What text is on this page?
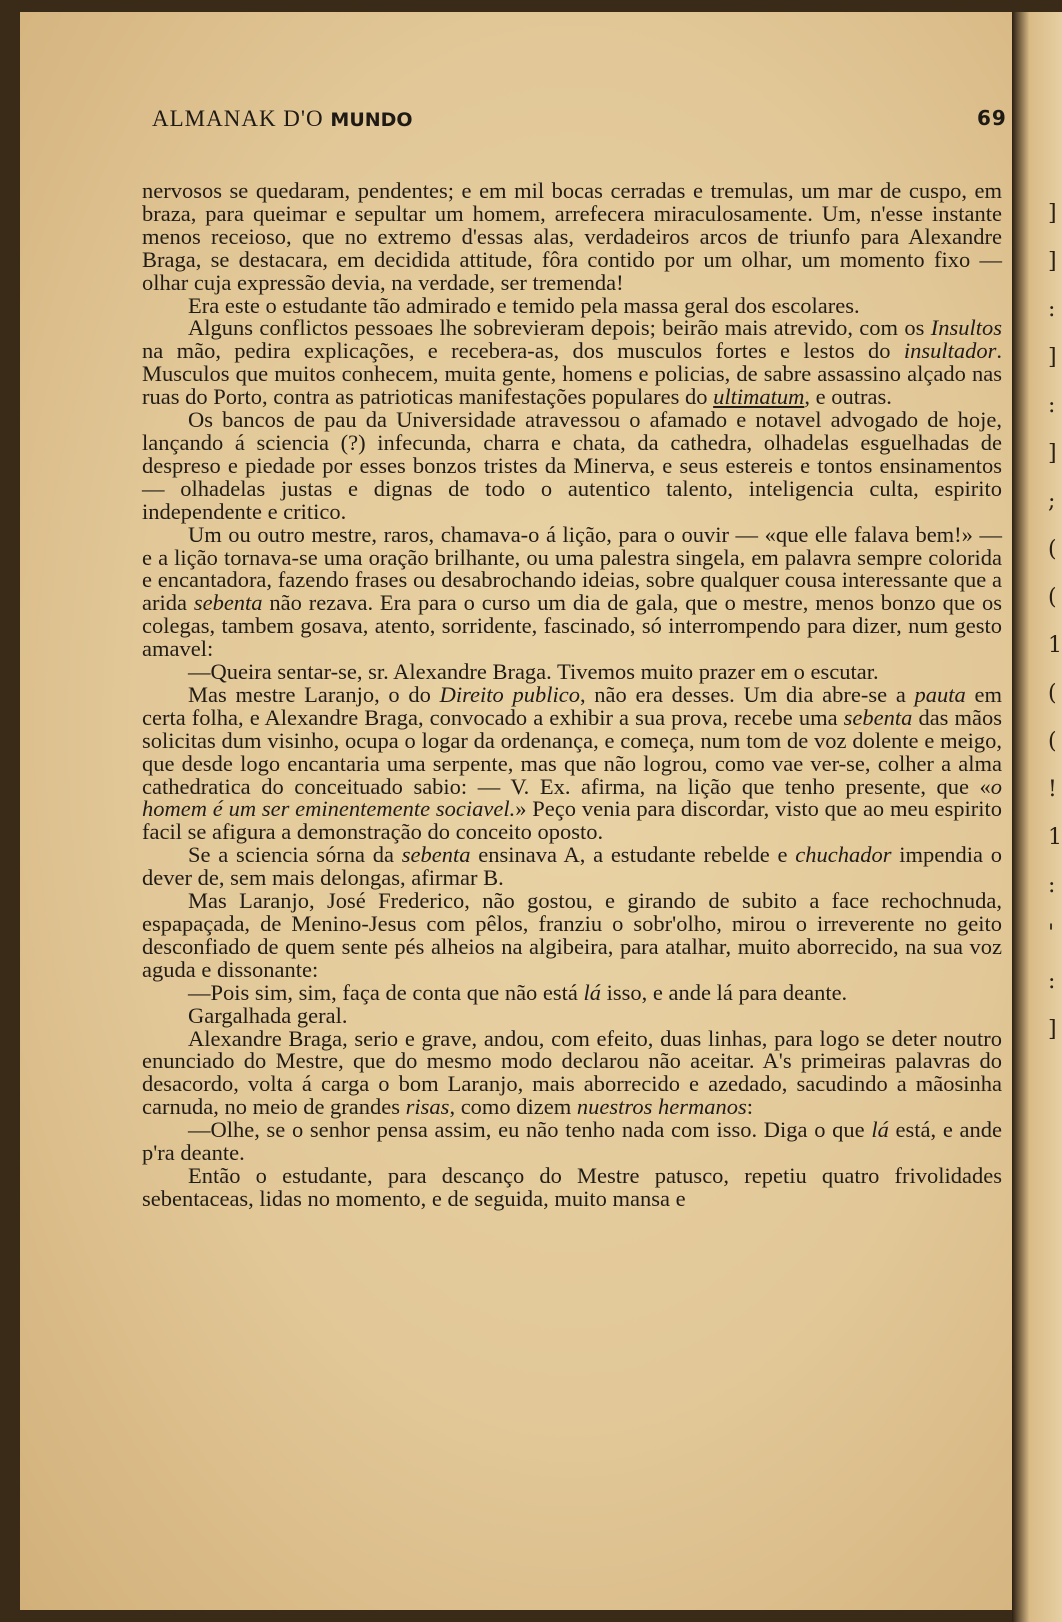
ALMANAK D'O MUNDO	69

nervosos se quedaram, pendentes; e em mil bocas cerradas e tremulas, um mar de cuspo, em braza, para queimar e sepultar um homem, arrefecera miraculosamente. Um, n'esse instante menos receioso, que no extremo d'essas alas, verdadeiros arcos de triunfo para Alexandre Braga, se destacara, em decidida attitude, fôra contido por um olhar, um momento fixo — olhar cuja expressão devia, na verdade, ser tremenda!

Era este o estudante tão admirado e temido pela massa geral dos escolares.

Alguns conflictos pessoaes lhe sobrevieram depois; beirão mais atrevido, com os Insultos na mão, pedira explicações, e recebera-as, dos musculos fortes e lestos do insultador. Musculos que muitos conhecem, muita gente, homens e policias, de sabre assassino alçado nas ruas do Porto, contra as patrioticas manifestações populares do ultimatum, e outras.

Os bancos de pau da Universidade atravessou o afamado e notavel advogado de hoje, lançando á sciencia (?) infecunda, charra e chata, da cathedra, olhadelas esguelhadas de despreso e piedade por esses bonzos tristes da Minerva, e seus estereis e tontos ensinamentos — olhadelas justas e dignas de todo o autentico talento, inteligencia culta, espirito independente e critico.

Um ou outro mestre, raros, chamava-o á lição, para o ouvir — «que elle falava bem!» — e a lição tornava-se uma oração brilhante, ou uma palestra singela, em palavra sempre colorida e encantadora, fazendo frases ou desabrochando ideias, sobre qualquer cousa interessante que a arida sebenta não rezava. Era para o curso um dia de gala, que o mestre, menos bonzo que os colegas, tambem gosava, atento, sorridente, fascinado, só interrompendo para dizer, num gesto amavel:

—Queira sentar-se, sr. Alexandre Braga. Tivemos muito prazer em o escutar.

Mas mestre Laranjo, o do Direito publico, não era desses. Um dia abre-se a pauta em certa folha, e Alexandre Braga, convocado a exhibir a sua prova, recebe uma sebenta das mãos solicitas dum visinho, ocupa o logar da ordenança, e começa, num tom de voz dolente e meigo, que desde logo encantaria uma serpente, mas que não logrou, como vae ver-se, colher a alma cathedratica do conceituado sabio: — V. Ex. afirma, na lição que tenho presente, que «o homem é um ser eminentemente sociavel.» Peço venia para discordar, visto que ao meu espirito facil se afigura a demonstração do conceito oposto.

Se a sciencia sórna da sebenta ensinava A, a estudante rebelde e chuchador impendia o dever de, sem mais delongas, afirmar B.

Mas Laranjo, José Frederico, não gostou, e girando de subito a face rechochnuda, espapaçada, de Menino-Jesus com pêlos, franziu o sobr'olho, mirou o irreverente no geito desconfiado de quem sente pés alheios na algibeira, para atalhar, muito aborrecido, na sua voz aguda e dissonante:

—Pois sim, sim, faça de conta que não está lá isso, e ande lá para deante.

Gargalhada geral.

Alexandre Braga, serio e grave, andou, com efeito, duas linhas, para logo se deter noutro enunciado do Mestre, que do mesmo modo declarou não aceitar. A's primeiras palavras do desacordo, volta á carga o bom Laranjo, mais aborrecido e azedado, sacudindo a mãosinha carnuda, no meio de grandes risas, como dizem nuestros hermanos:

—Olhe, se o senhor pensa assim, eu não tenho nada com isso. Diga o que lá está, e ande p'ra deante.

Então o estudante, para descanço do Mestre patusco, repetiu quatro frivolidades sebentaceas, lidas no momento, e de seguida, muito mansa e

]
]
:
]
:
]
;
(
(
1
(
(
!
1
:
'
:
]
